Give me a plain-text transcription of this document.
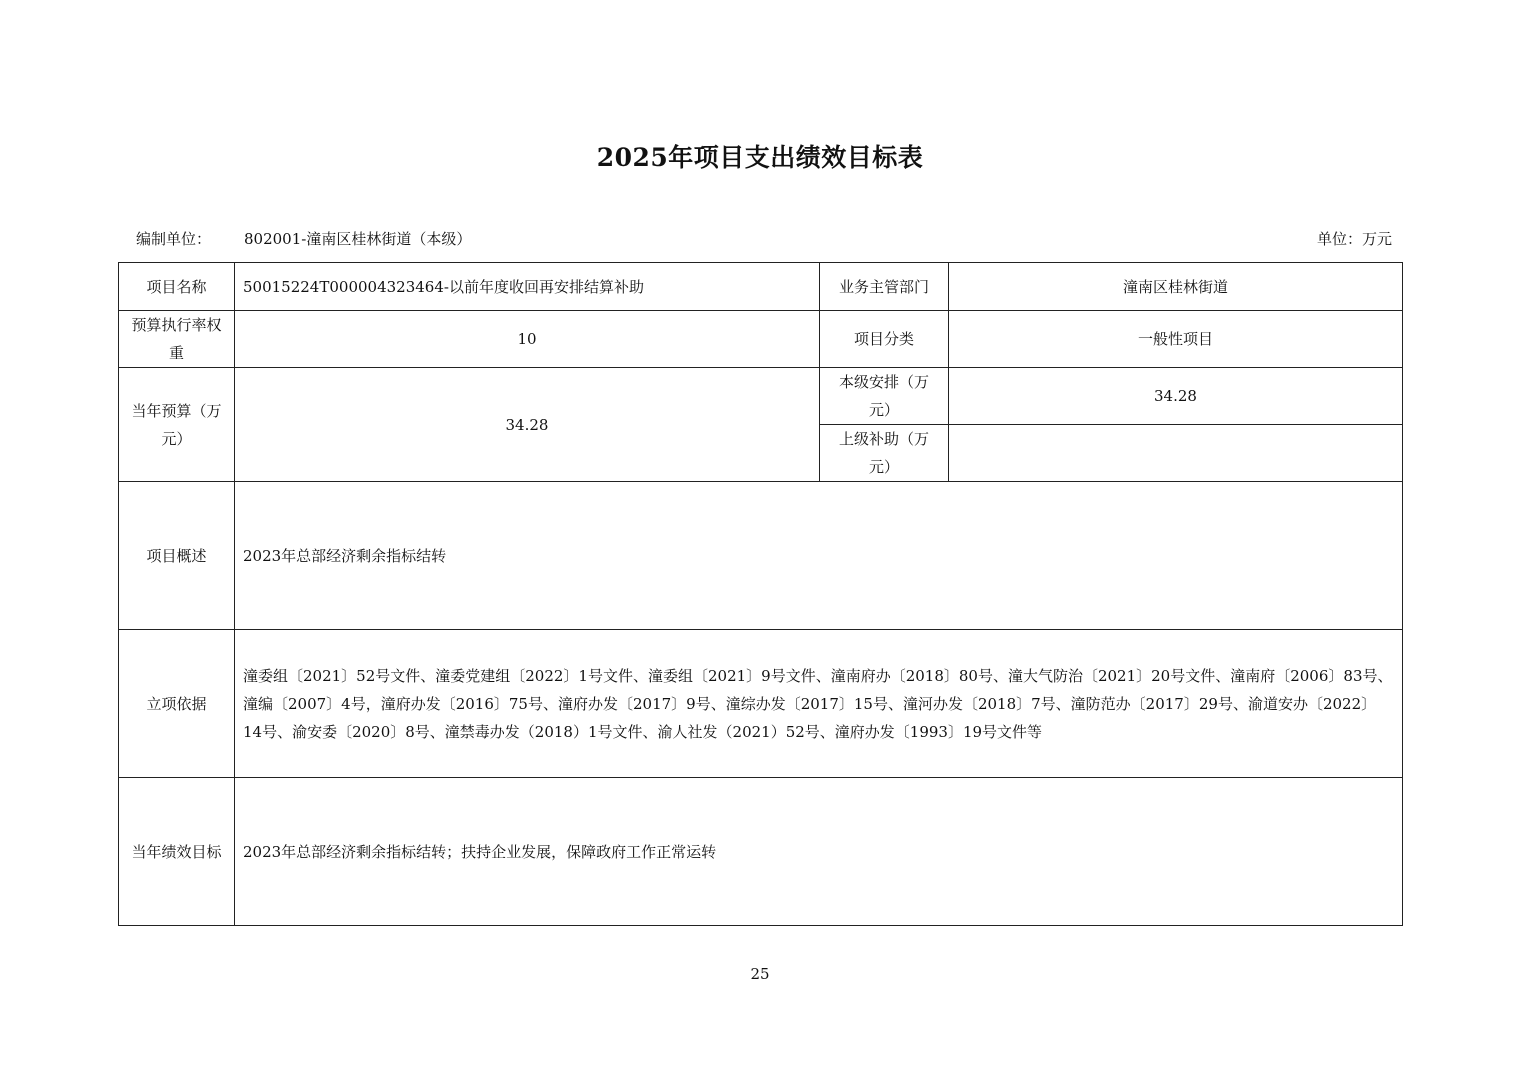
2025年项目支出绩效目标表
编制单位： 802001-潼南区桂林街道（本级）	单位：万元
项目名称	50015224T000004323464-以前年度收回再安排结算补助	业务主管部门	潼南区桂林街道
预算执行率权重	10	项目分类	一般性项目
当年预算（万元）	34.28	本级安排（万元）	34.28
		上级补助（万元）	
项目概述	2023年总部经济剩余指标结转		
立项依据	潼委组〔2021〕52号文件、潼委党建组〔2022〕1号文件、潼委组〔2021〕9号文件、潼南府办〔2018〕80号、潼大气防治〔2021〕20号文件、潼南府〔2006〕83号、潼编〔2007〕4号，潼府办发〔2016〕75号、潼府办发〔2017〕9号、潼综办发〔2017〕15号、潼河办发〔2018〕7号、潼防范办〔2017〕29号、渝道安办〔2022〕14号、渝安委〔2020〕8号、潼禁毒办发（2018）1号文件、渝人社发（2021）52号、潼府办发〔1993〕19号文件等		
当年绩效目标	2023年总部经济剩余指标结转；扶持企业发展，保障政府工作正常运转		
25
